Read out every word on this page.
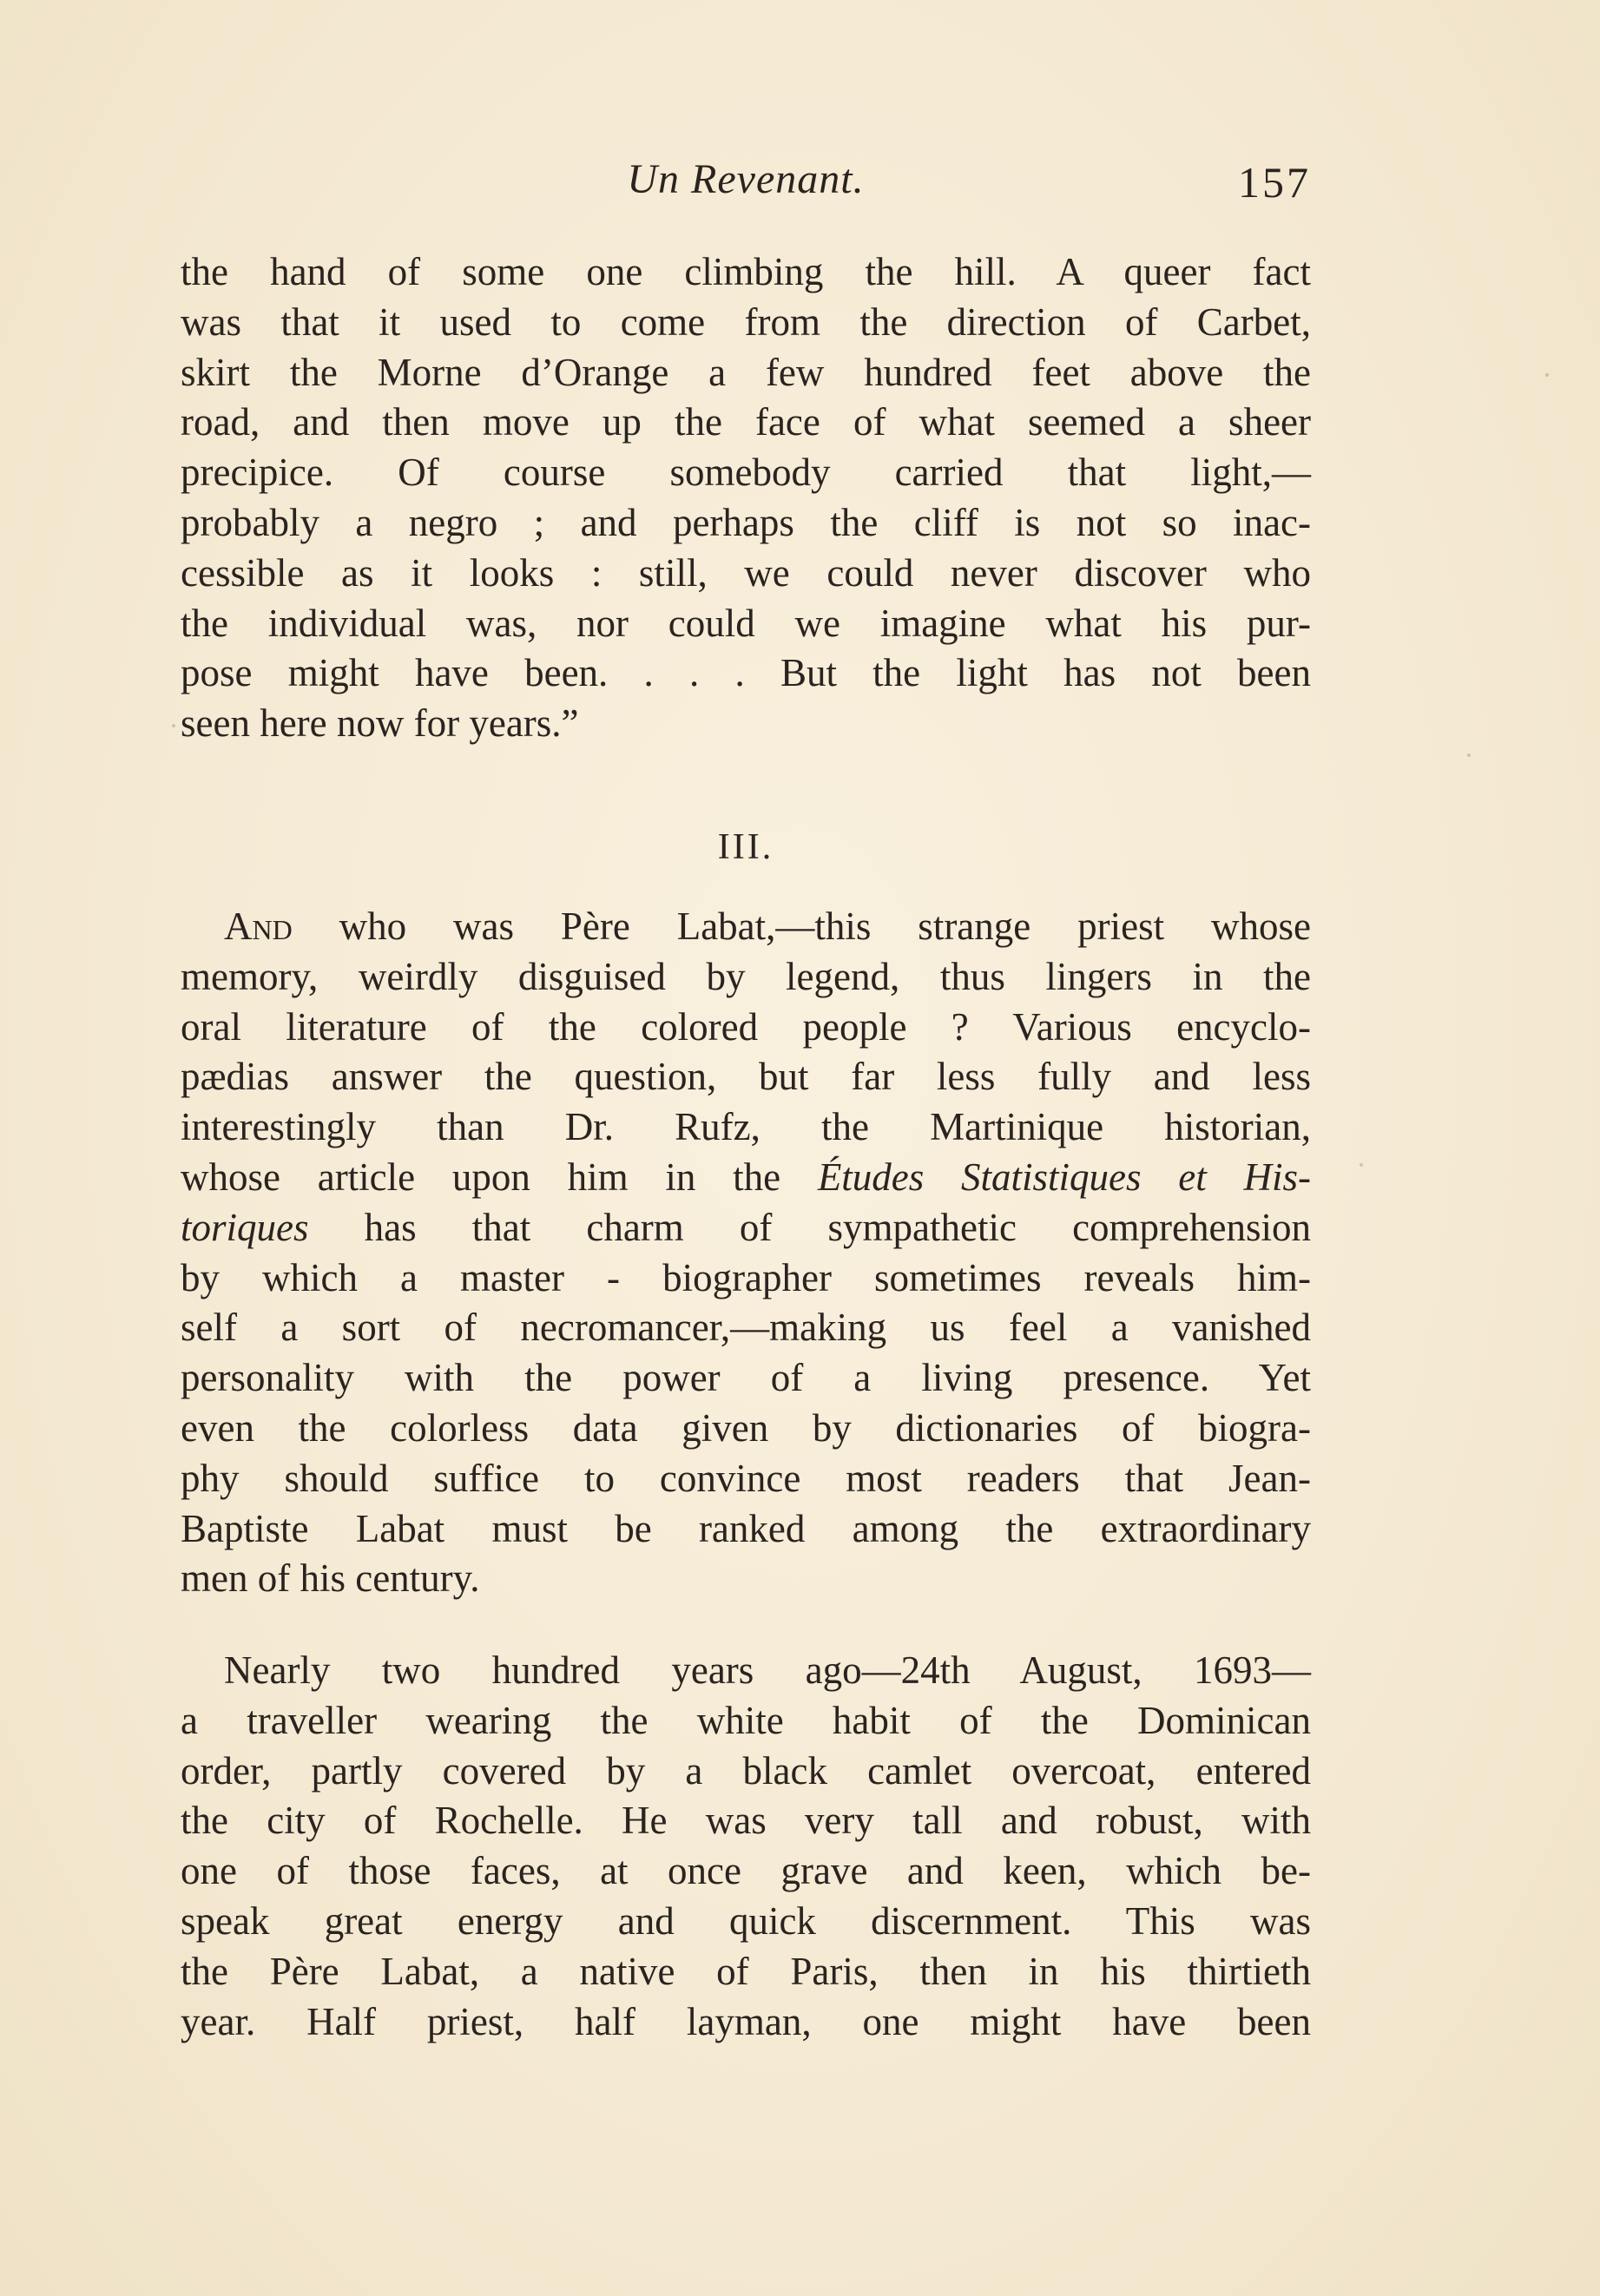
Un Revenant.	157
the hand of some one climbing the hill. A queer fact
was that it used to come from the direction of Carbet,
skirt the Morne d’Orange a few hundred feet above the
road, and then move up the face of what seemed a sheer
precipice. Of course somebody carried that light,—
probably a negro ; and perhaps the cliff is not so inac-
cessible as it looks : still, we could never discover who
the individual was, nor could we imagine what his pur-
pose might have been. . . . But the light has not been
seen here now for years.”
III.
And who was Père Labat,—this strange priest whose
memory, weirdly disguised by legend, thus lingers in the
oral literature of the colored people ? Various encyclo-
pædias answer the question, but far less fully and less
interestingly than Dr. Rufz, the Martinique historian,
whose article upon him in the Études Statistiques et His-
toriques has that charm of sympathetic comprehension
by which a master - biographer sometimes reveals him-
self a sort of necromancer,—making us feel a vanished
personality with the power of a living presence. Yet
even the colorless data given by dictionaries of biogra-
phy should suffice to convince most readers that Jean-
Baptiste Labat must be ranked among the extraordinary
men of his century.
Nearly two hundred years ago—24th August, 1693—
a traveller wearing the white habit of the Dominican
order, partly covered by a black camlet overcoat, entered
the city of Rochelle. He was very tall and robust, with
one of those faces, at once grave and keen, which be-
speak great energy and quick discernment. This was
the Père Labat, a native of Paris, then in his thirtieth
year. Half priest, half layman, one might have been
